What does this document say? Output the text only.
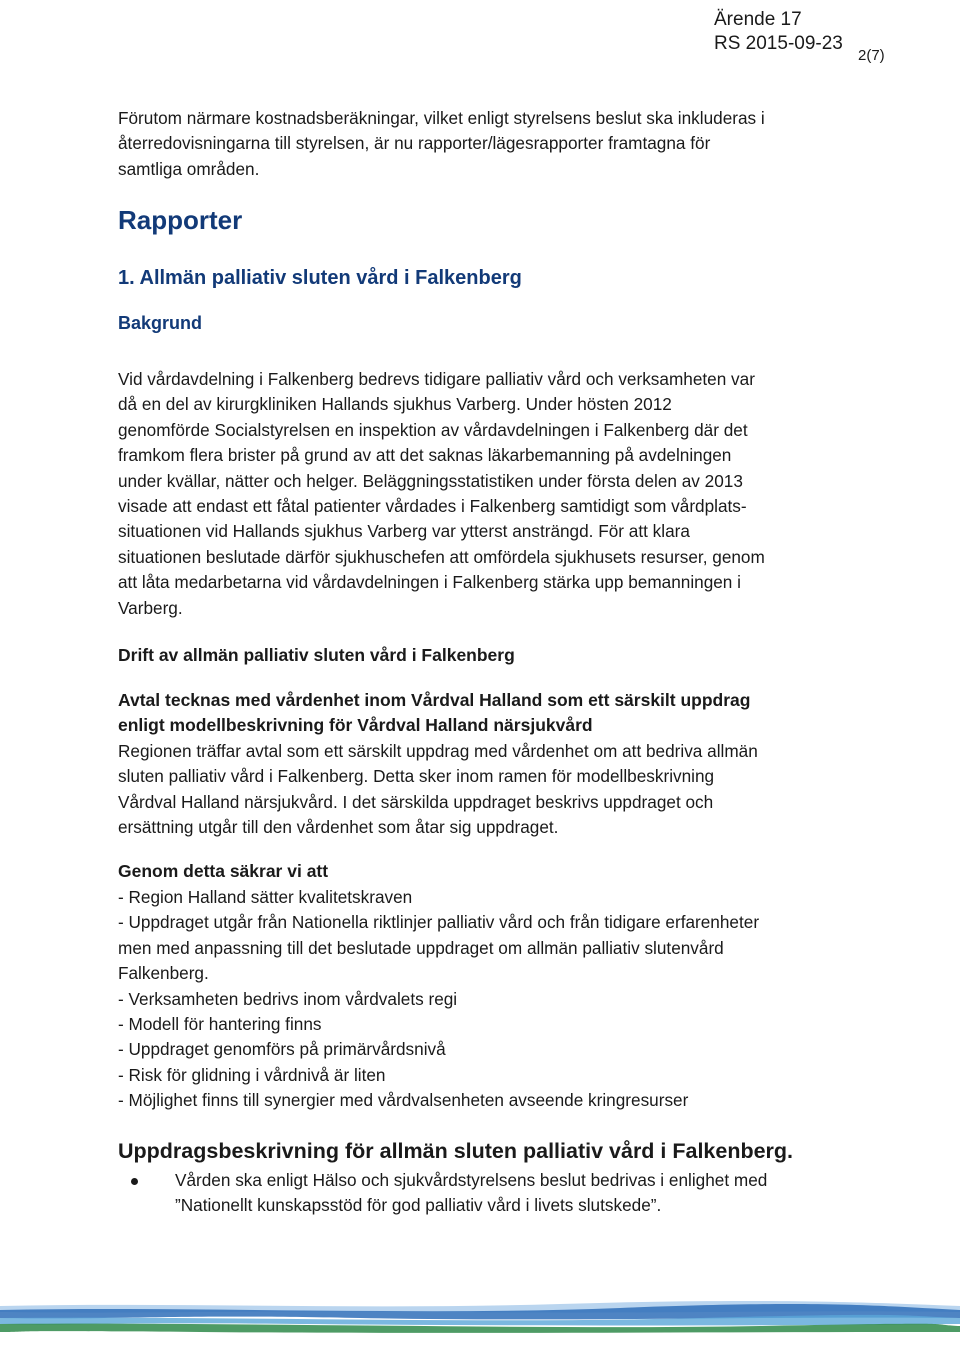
Ärende 17
RS 2015-09-23
2(7)

Förutom närmare kostnadsberäkningar, vilket enligt styrelsens beslut ska inkluderas i
återredovisningarna till styrelsen, är nu rapporter/lägesrapporter framtagna för
samtliga områden.

Rapporter

1. Allmän palliativ sluten vård i Falkenberg

Bakgrund

Vid vårdavdelning i Falkenberg bedrevs tidigare palliativ vård och verksamheten var
då en del av kirurgkliniken Hallands sjukhus Varberg. Under hösten 2012
genomförde Socialstyrelsen en inspektion av vårdavdelningen i Falkenberg där det
framkom flera brister på grund av att det saknas läkarbemanning på avdelningen
under kvällar, nätter och helger. Beläggningsstatistiken under första delen av 2013
visade att endast ett fåtal patienter vårdades i Falkenberg samtidigt som vårdplats-
situationen vid Hallands sjukhus Varberg var ytterst ansträngd. För att klara
situationen beslutade därför sjukhuschefen att omfördela sjukhusets resurser, genom
att låta medarbetarna vid vårdavdelningen i Falkenberg stärka upp bemanningen i
Varberg.

Drift av allmän palliativ sluten vård i Falkenberg

Avtal tecknas med vårdenhet inom Vårdval Halland som ett särskilt uppdrag
enligt modellbeskrivning för Vårdval Halland närsjukvård

Regionen träffar avtal som ett särskilt uppdrag med vårdenhet om att bedriva allmän
sluten palliativ vård i Falkenberg. Detta sker inom ramen för modellbeskrivning
Vårdval Halland närsjukvård. I det särskilda uppdraget beskrivs uppdraget och
ersättning utgår till den vårdenhet som åtar sig uppdraget.

Genom detta säkrar vi att

- Region Halland sätter kvalitetskraven
- Uppdraget utgår från Nationella riktlinjer palliativ vård och från tidigare erfarenheter
men med anpassning till det beslutade uppdraget om allmän palliativ slutenvård
Falkenberg.
- Verksamheten bedrivs inom vårdvalets regi
- Modell för hantering finns
- Uppdraget genomförs på primärvårdsnivå
- Risk för glidning i vårdnivå är liten
- Möjlighet finns till synergier med vårdvalsenheten avseende kringresurser

Uppdragsbeskrivning för allmän sluten palliativ vård i Falkenberg.

Vården ska enligt Hälso och sjukvårdstyrelsens beslut bedrivas i enlighet med
”Nationellt kunskapsstöd för god palliativ vård i livets slutskede”.
